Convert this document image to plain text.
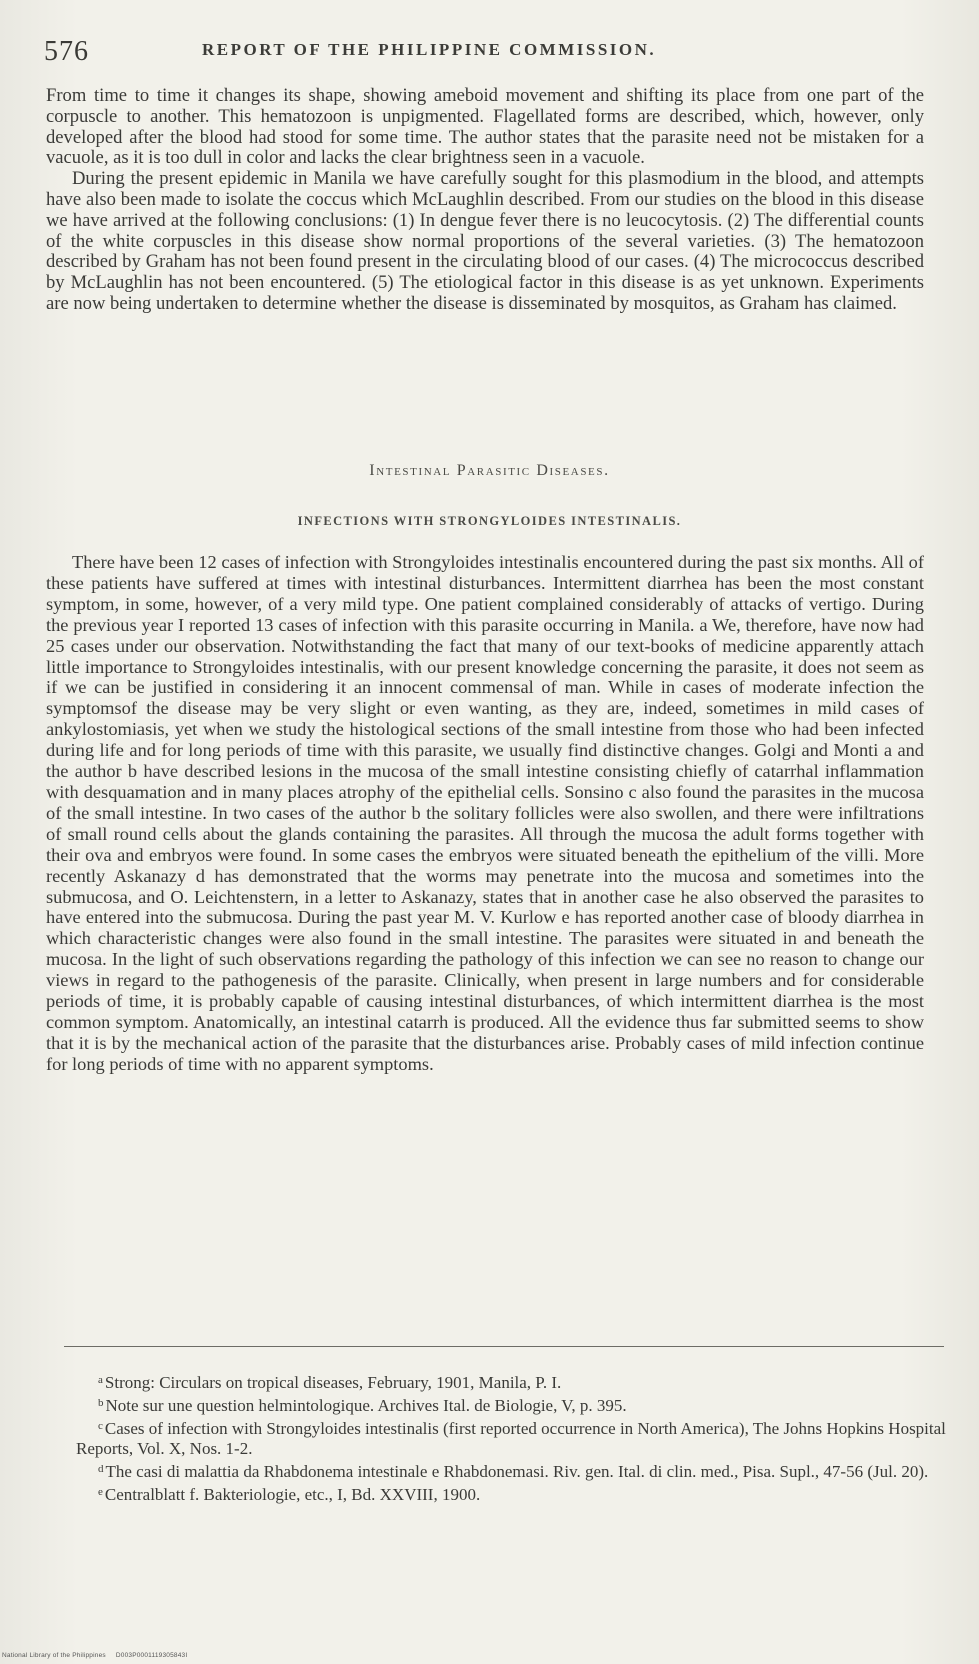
576	REPORT OF THE PHILIPPINE COMMISSION.

From time to time it changes its shape, showing ameboid movement and shifting its place from one part of the corpuscle to another. This hematozoon is unpigmented. Flagellated forms are described, which, however, only developed after the blood had stood for some time. The author states that the parasite need not be mistaken for a vacuole, as it is too dull in color and lacks the clear brightness seen in a vacuole.

During the present epidemic in Manila we have carefully sought for this plasmodium in the blood, and attempts have also been made to isolate the coccus which McLaughlin described. From our studies on the blood in this disease we have arrived at the following conclusions: (1) In dengue fever there is no leucocytosis. (2) The differential counts of the white corpuscles in this disease show normal proportions of the several varieties. (3) The hematozoon described by Graham has not been found present in the circulating blood of our cases. (4) The micrococcus described by McLaughlin has not been encountered. (5) The etiological factor in this disease is as yet unknown. Experiments are now being undertaken to determine whether the disease is disseminated by mosquitos, as Graham has claimed.

Intestinal Parasitic Diseases.
INFECTIONS WITH STRONGYLOIDES INTESTINALIS.

There have been 12 cases of infection with Strongyloides intestinalis encountered during the past six months. All of these patients have suffered at times with intestinal disturbances. Intermittent diarrhea has been the most constant symptom, in some, however, of a very mild type. One patient complained considerably of attacks of vertigo. During the previous year I reported 13 cases of infection with this parasite occurring in Manila. a We, therefore, have now had 25 cases under our observation. Notwithstanding the fact that many of our text-books of medicine apparently attach little importance to Strongyloides intestinalis, with our present knowledge concerning the parasite, it does not seem as if we can be justified in considering it an innocent commensal of man. While in cases of moderate infection the symptomsof the disease may be very slight or even wanting, as they are, indeed, sometimes in mild cases of ankylostomiasis, yet when we study the histological sections of the small intestine from those who had been infected during life and for long periods of time with this parasite, we usually find distinctive changes. Golgi and Monti a and the author b have described lesions in the mucosa of the small intestine consisting chiefly of catarrhal inflammation with desquamation and in many places atrophy of the epithelial cells. Sonsino c also found the parasites in the mucosa of the small intestine. In two cases of the author b the solitary follicles were also swollen, and there were infiltrations of small round cells about the glands containing the parasites. All through the mucosa the adult forms together with their ova and embryos were found. In some cases the embryos were situated beneath the epithelium of the villi. More recently Askanazy d has demonstrated that the worms may penetrate into the mucosa and sometimes into the submucosa, and O. Leichtenstern, in a letter to Askanazy, states that in another case he also observed the parasites to have entered into the submucosa. During the past year M. V. Kurlow e has reported another case of bloody diarrhea in which characteristic changes were also found in the small intestine. The parasites were situated in and beneath the mucosa. In the light of such observations regarding the pathology of this infection we can see no reason to change our views in regard to the pathogenesis of the parasite. Clinically, when present in large numbers and for considerable periods of time, it is probably capable of causing intestinal disturbances, of which intermittent diarrhea is the most common symptom. Anatomically, an intestinal catarrh is produced. All the evidence thus far submitted seems to show that it is by the mechanical action of the parasite that the disturbances arise. Probably cases of mild infection continue for long periods of time with no apparent symptoms.

$^a$ Strong: Circulars on tropical diseases, February, 1901, Manila, P. I.

$^b$ Note sur une question helmintologique. Archives Ital. de Biologie, V, p. 395.

$^c$ Cases of infection with Strongyloides intestinalis (first reported occurrence in North America), The Johns Hopkins Hospital Reports, Vol. X, Nos. 1-2.

$^d$ The casi di malattia da Rhabdonema intestinale e Rhabdonemasi. Riv. gen. Ital. di clin. med., Pisa. Supl., 47-56 (Jul. 20).

$^e$ Centralblatt f. Bakteriologie, etc., I, Bd. XXVIII, 1900.

National Library of the Philippines D003P0001119305843I
